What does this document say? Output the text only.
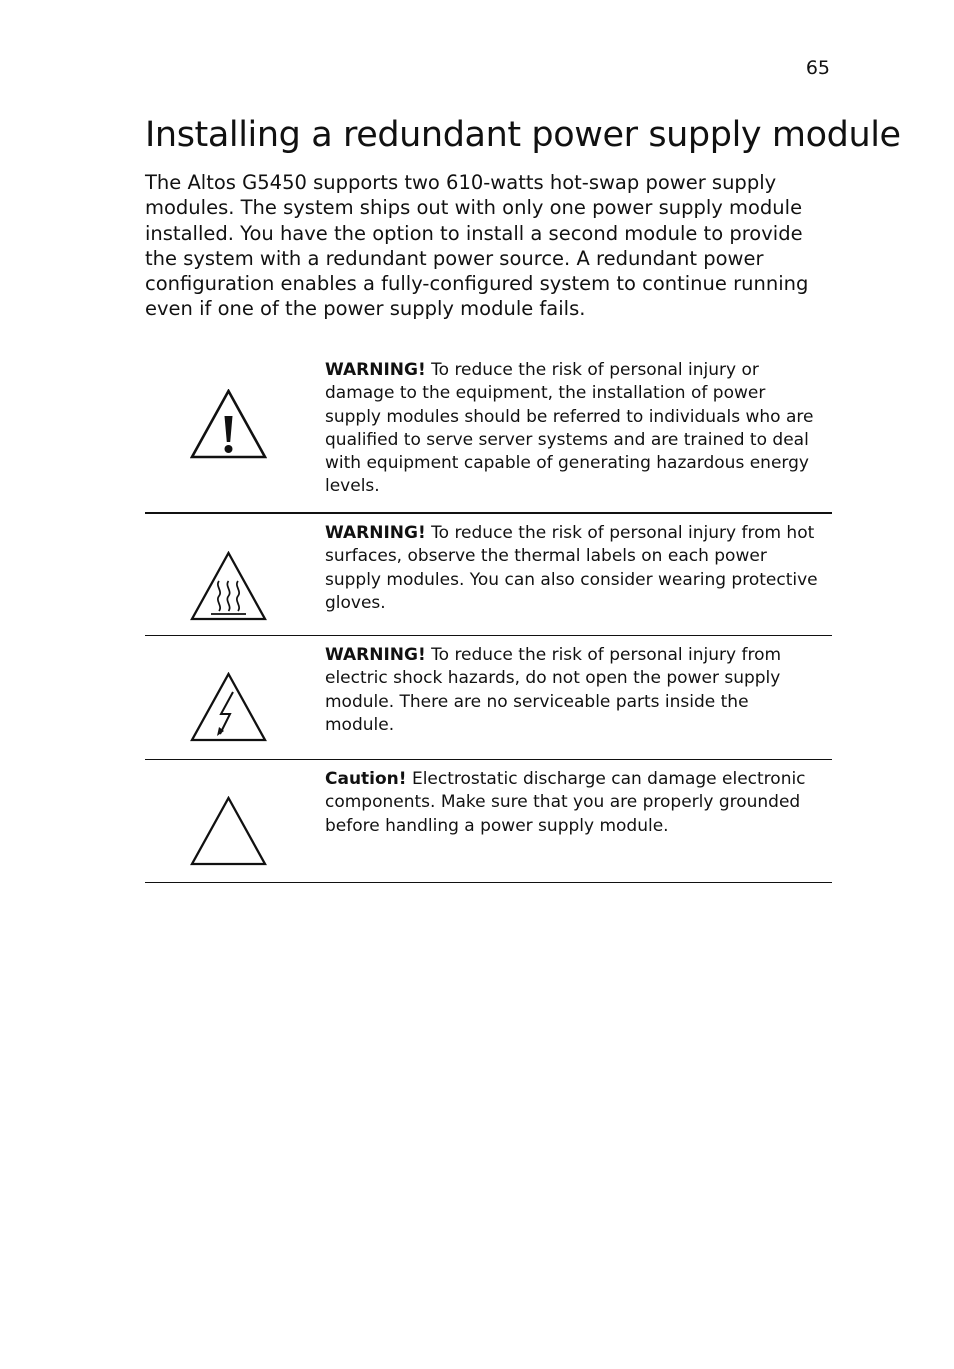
65
Installing a redundant power supply module

The Altos G5450 supports two 610-watts hot-swap power supply modules. The system ships out with only one power supply module installed. You have the option to install a second module to provide the system with a redundant power source. A redundant power configuration enables a fully-configured system to continue running even if one of the power supply module fails.

WARNING! To reduce the risk of personal injury or damage to the equipment, the installation of power supply modules should be referred to individuals who are qualified to serve server systems and are trained to deal with equipment capable of generating hazardous energy levels.
WARNING! To reduce the risk of personal injury from hot surfaces, observe the thermal labels on each power supply modules. You can also consider wearing protective gloves.
WARNING! To reduce the risk of personal injury from electric shock hazards, do not open the power supply module. There are no serviceable parts inside the module.
Caution! Electrostatic discharge can damage electronic components. Make sure that you are properly grounded before handling a power supply module.
